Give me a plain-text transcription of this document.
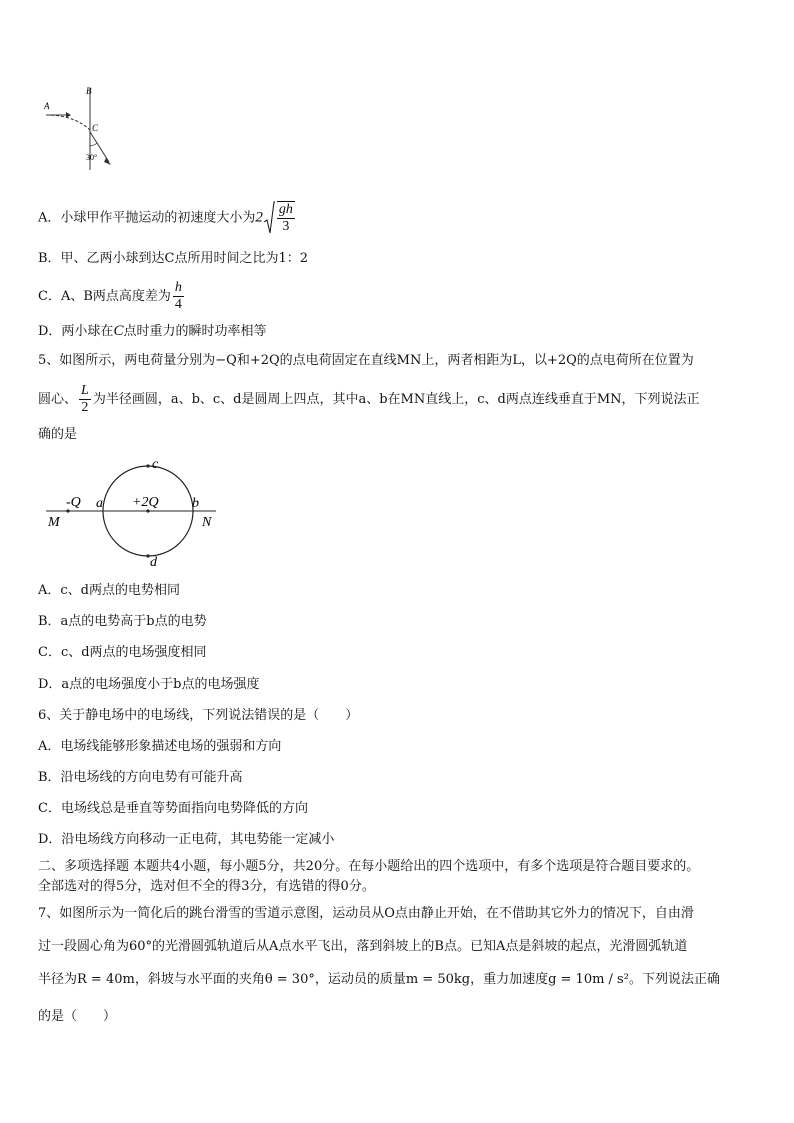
A
B
C
30°
A．小球甲作平抛运动的初速度大小为$2 \frac{gh}{3}$
B．甲、乙两小球到达C点所用时间之比为1：2
C．A、B两点高度差为 $\frac{h}{4}$
D．两小球在C点时重力的瞬时功率相等
5、如图所示，两电荷量分别为−Q和+2Q的点电荷固定在直线MN上，两者相距为L，以+2Q的点电荷所在位置为
圆心、 $\frac{L}{2}$ 为半径画圆，a、b、c、d是圆周上四点，其中a、b在MN直线上，c、d两点连线垂直于MN，下列说法正
确的是
-Q	+2Q
a	b
c
d
M	N
A．c、d两点的电势相同
B．a点的电势高于b点的电势
C．c、d两点的电场强度相同
D．a点的电场强度小于b点的电场强度
6、关于静电场中的电场线，下列说法错误的是（　　）
A．电场线能够形象描述电场的强弱和方向
B．沿电场线的方向电势有可能升高
C．电场线总是垂直等势面指向电势降低的方向
D．沿电场线方向移动一正电荷，其电势能一定减小
二、多项选择题 本题共4小题，每小题5分，共20分。在每小题给出的四个选项中，有多个选项是符合题目要求的。
全部选对的得5分，选对但不全的得3分，有选错的得0分。
7、如图所示为一简化后的跳台滑雪的雪道示意图，运动员从O点由静止开始，在不借助其它外力的情况下，自由滑
过一段圆心角为60°的光滑圆弧轨道后从A点水平飞出，落到斜坡上的B点。已知A点是斜坡的起点，光滑圆弧轨道
半径为R = 40m，斜坡与水平面的夹角θ = 30°，运动员的质量m = 50kg，重力加速度g = 10m / s²。下列说法正确
的是（　　）
